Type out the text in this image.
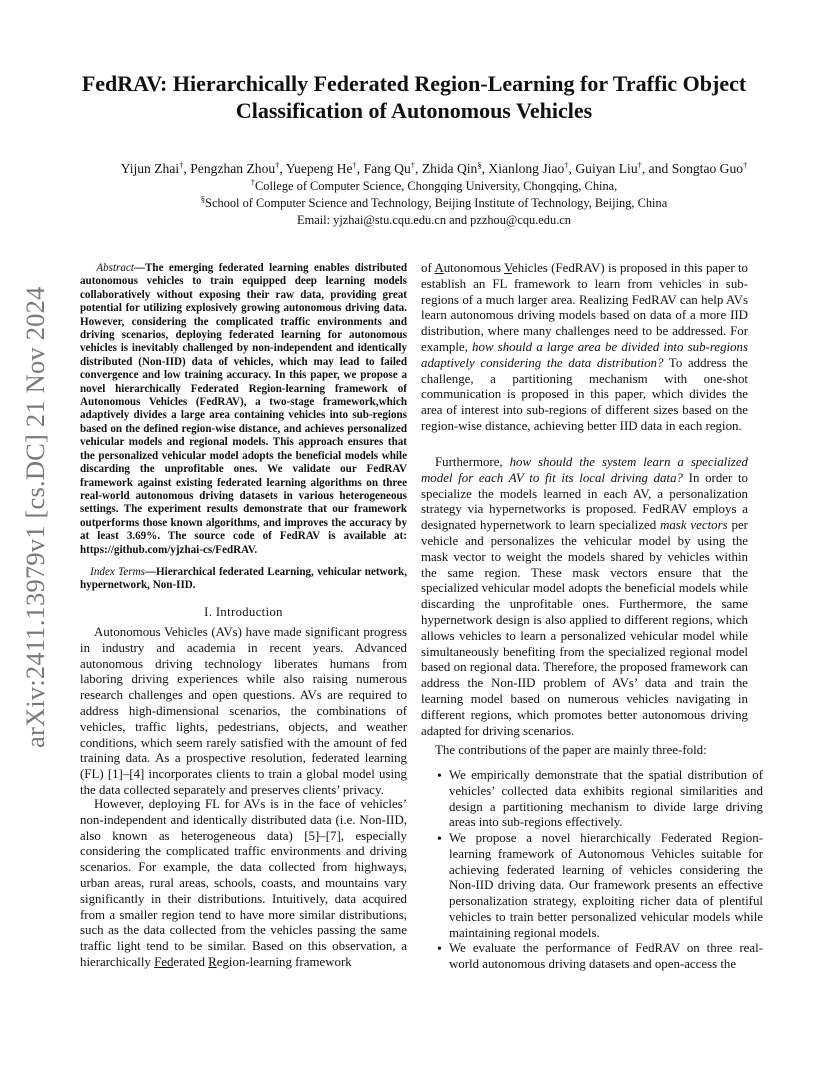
arXiv:2411.13979v1 [cs.DC] 21 Nov 2024
FedRAV: Hierarchically Federated Region-Learning for Traffic Object Classification of Autonomous Vehicles
Yijun Zhai†, Pengzhan Zhou†, Yuepeng He†, Fang Qu†, Zhida Qin§, Xianlong Jiao†, Guiyan Liu†, and Songtao Guo†
†College of Computer Science, Chongqing University, Chongqing, China,
§School of Computer Science and Technology, Beijing Institute of Technology, Beijing, China
Email: yjzhai@stu.cqu.edu.cn and pzzhou@cqu.edu.cn
Abstract—The emerging federated learning enables distributed autonomous vehicles to train equipped deep learning models collaboratively without exposing their raw data, providing great potential for utilizing explosively growing autonomous driving data. However, considering the complicated traffic environments and driving scenarios, deploying federated learning for autonomous vehicles is inevitably challenged by non-independent and identically distributed (Non-IID) data of vehicles, which may lead to failed convergence and low training accuracy. In this paper, we propose a novel hierarchically Federated Region-learning framework of Autonomous Vehicles (FedRAV), a two-stage framework,which adaptively divides a large area containing vehicles into sub-regions based on the defined region-wise distance, and achieves personalized vehicular models and regional models. This approach ensures that the personalized vehicular model adopts the beneficial models while discarding the unprofitable ones. We validate our FedRAV framework against existing federated learning algorithms on three real-world autonomous driving datasets in various heterogeneous settings. The experiment results demonstrate that our framework outperforms those known algorithms, and improves the accuracy by at least 3.69%. The source code of FedRAV is available at: https://github.com/yjzhai-cs/FedRAV.
Index Terms—Hierarchical federated Learning, vehicular network, hypernetwork, Non-IID.
I. Introduction
Autonomous Vehicles (AVs) have made significant progress in industry and academia in recent years. Advanced autonomous driving technology liberates humans from laboring driving experiences while also raising numerous research challenges and open questions. AVs are required to address high-dimensional scenarios, the combinations of vehicles, traffic lights, pedestrians, objects, and weather conditions, which seem rarely satisfied with the amount of fed training data. As a prospective resolution, federated learning (FL) [1]–[4] incorporates clients to train a global model using the data collected separately and preserves clients’ privacy.
However, deploying FL for AVs is in the face of vehicles’ non-independent and identically distributed data (i.e. Non-IID, also known as heterogeneous data) [5]–[7], especially considering the complicated traffic environments and driving scenarios. For example, the data collected from highways, urban areas, rural areas, schools, coasts, and mountains vary significantly in their distributions. Intuitively, data acquired from a smaller region tend to have more similar distributions, such as the data collected from the vehicles passing the same traffic light tend to be similar. Based on this observation, a hierarchically Federated Region-learning framework
of Autonomous Vehicles (FedRAV) is proposed in this paper to establish an FL framework to learn from vehicles in sub-regions of a much larger area. Realizing FedRAV can help AVs learn autonomous driving models based on data of a more IID distribution, where many challenges need to be addressed. For example, how should a large area be divided into sub-regions adaptively considering the data distribution? To address the challenge, a partitioning mechanism with one-shot communication is proposed in this paper, which divides the area of interest into sub-regions of different sizes based on the region-wise distance, achieving better IID data in each region.
Furthermore, how should the system learn a specialized model for each AV to fit its local driving data? In order to specialize the models learned in each AV, a personalization strategy via hypernetworks is proposed. FedRAV employs a designated hypernetwork to learn specialized mask vectors per vehicle and personalizes the vehicular model by using the mask vector to weight the models shared by vehicles within the same region. These mask vectors ensure that the specialized vehicular model adopts the beneficial models while discarding the unprofitable ones. Furthermore, the same hypernetwork design is also applied to different regions, which allows vehicles to learn a personalized vehicular model while simultaneously benefiting from the specialized regional model based on regional data. Therefore, the proposed framework can address the Non-IID problem of AVs’ data and train the learning model based on numerous vehicles navigating in different regions, which promotes better autonomous driving adapted for driving scenarios.
The contributions of the paper are mainly three-fold:
• We empirically demonstrate that the spatial distribution of vehicles’ collected data exhibits regional similarities and design a partitioning mechanism to divide large driving areas into sub-regions effectively.
• We propose a novel hierarchically Federated Region-learning framework of Autonomous Vehicles suitable for achieving federated learning of vehicles considering the Non-IID driving data. Our framework presents an effective personalization strategy, exploiting richer data of plentiful vehicles to train better personalized vehicular models while maintaining regional models.
• We evaluate the performance of FedRAV on three real-world autonomous driving datasets and open-access the
